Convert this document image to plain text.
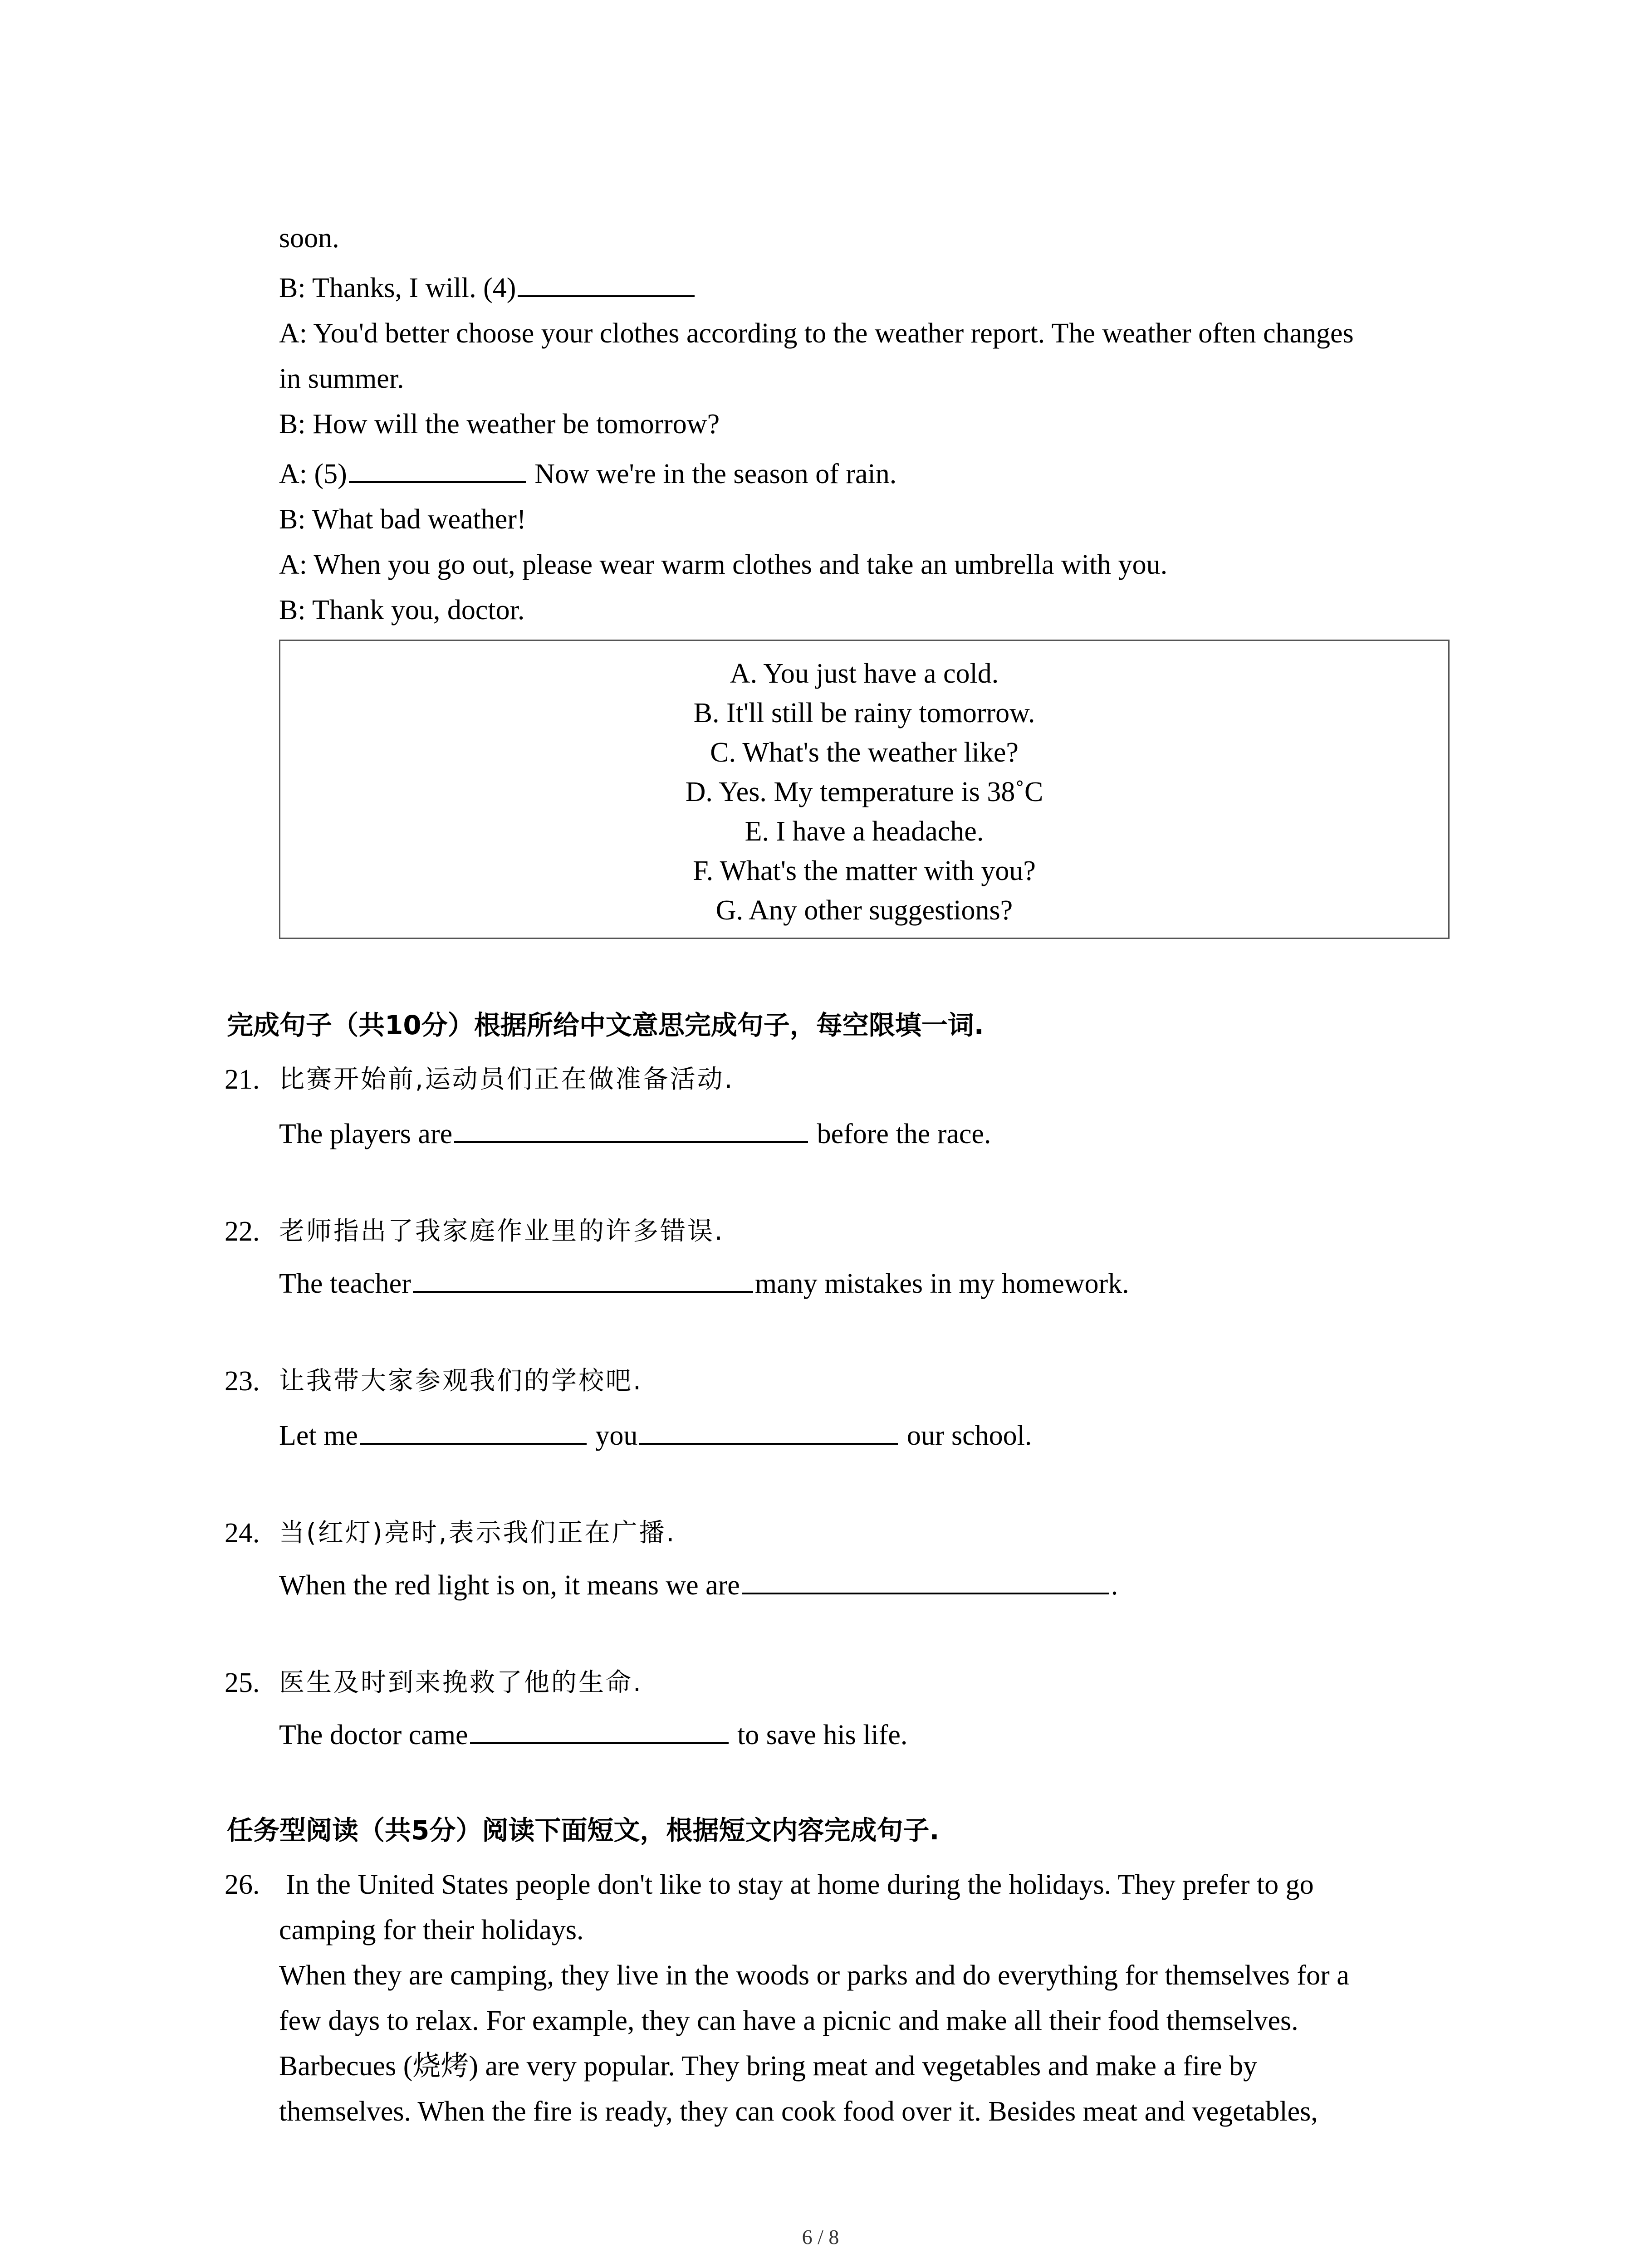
soon.
B: Thanks, I will. (4)
A: You'd better choose your clothes according to the weather report. The weather often changes
in summer.
B: How will the weather be tomorrow?
A: (5)	Now we're in the season of rain.
B: What bad weather!
A: When you go out, please wear warm clothes and take an umbrella with you.
B: Thank you, doctor.
A. You just have a cold.
B. It'll still be rainy tomorrow.
C. What's the weather like?
D. Yes. My temperature is 38˚C
E. I have a headache.
F. What's the matter with you?
G. Any other suggestions?
完成句子（共10分）根据所给中文意思完成句子，每空限填一词.
21. 比赛开始前,运动员们正在做准备活动.
The players are	before the race.
22. 老师指出了我家庭作业里的许多错误.
The teacher	many mistakes in my homework.
23. 让我带大家参观我们的学校吧.
Let me	you	our school.
24. 当(红灯)亮时,表示我们正在广播.
When the red light is on, it means we are	.
25. 医生及时到来挽救了他的生命.
The doctor came	to save his life.
任务型阅读（共5分）阅读下面短文，根据短文内容完成句子.
26. In the United States people don't like to stay at home during the holidays. They prefer to go
camping for their holidays.
When they are camping, they live in the woods or parks and do everything for themselves for a
few days to relax. For example, they can have a picnic and make all their food themselves.
Barbecues (烧烤) are very popular. They bring meat and vegetables and make a fire by
themselves. When the fire is ready, they can cook food over it. Besides meat and vegetables,
6 / 8
